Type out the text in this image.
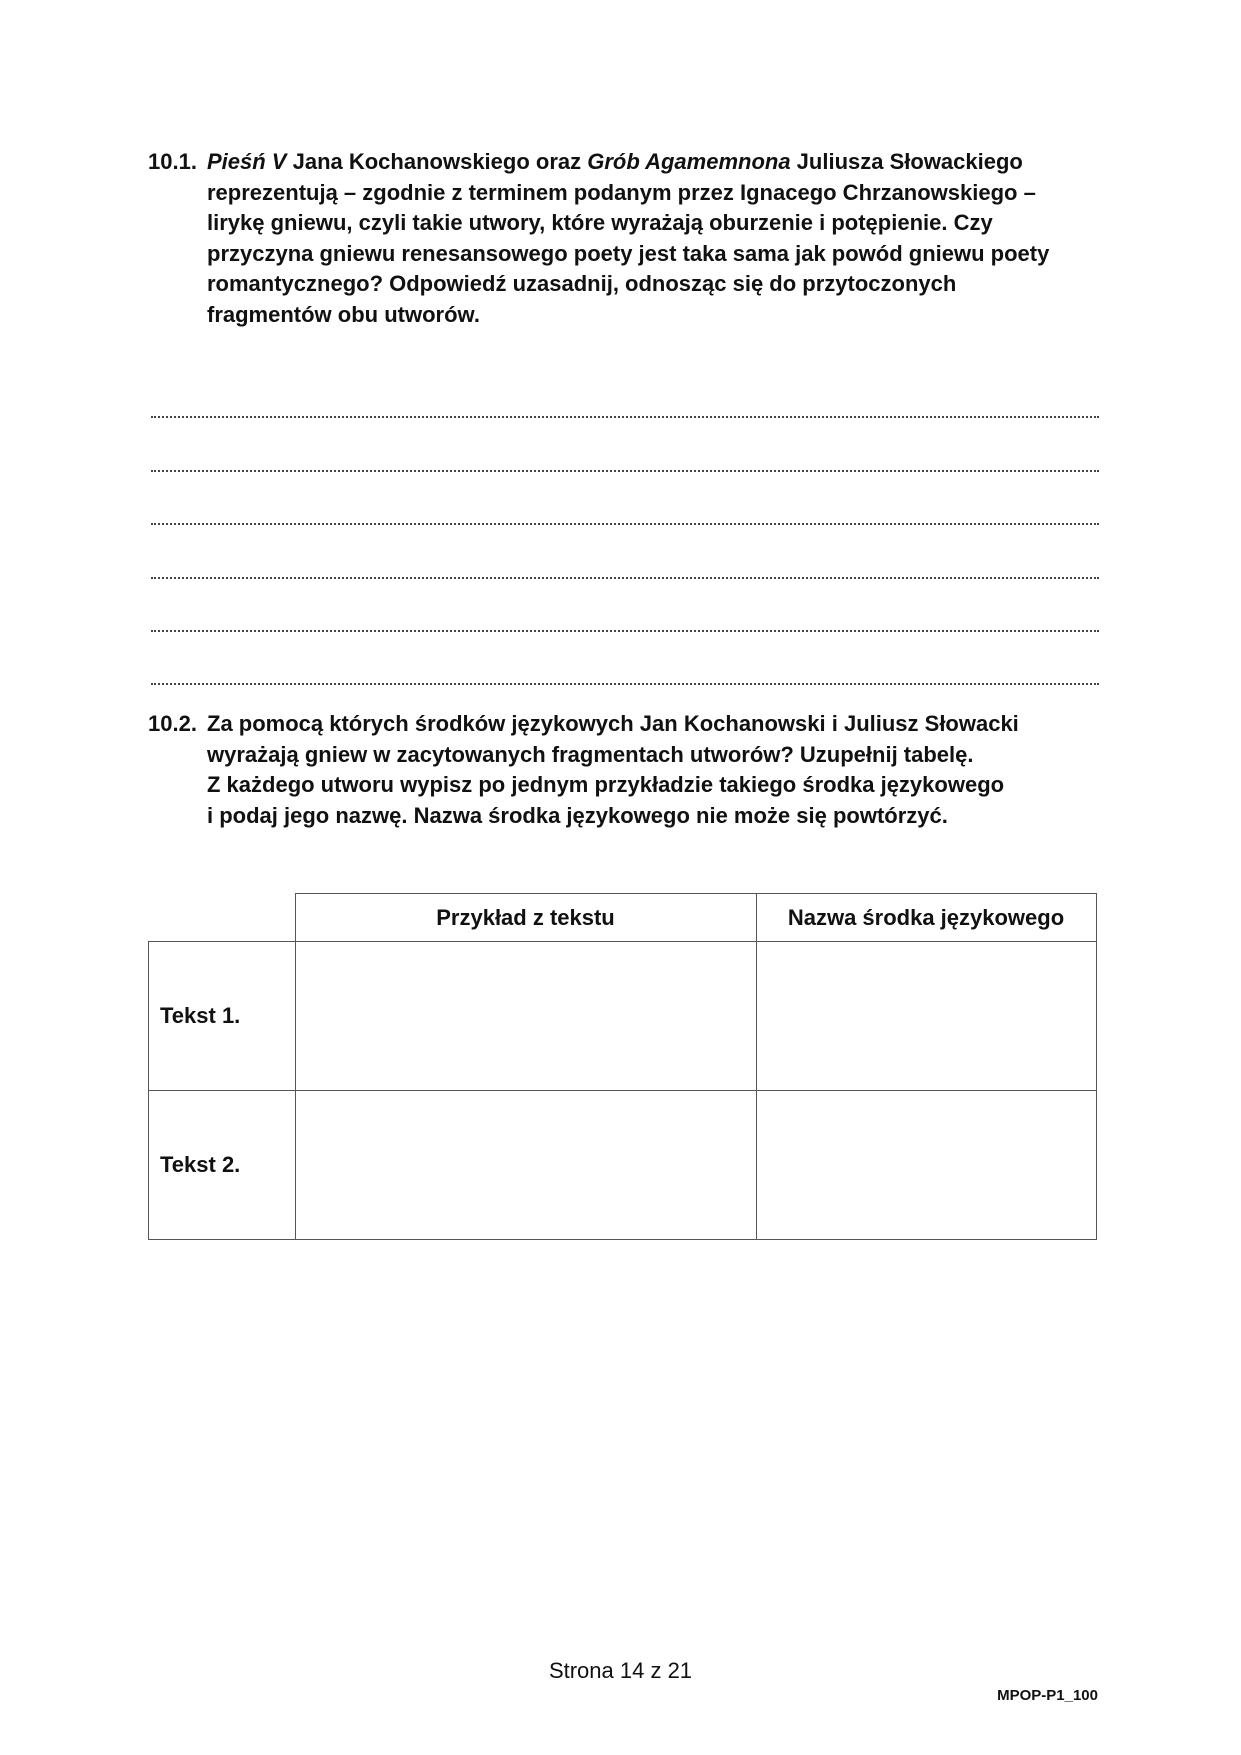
10.1. Pieśń V Jana Kochanowskiego oraz Grób Agamemnona Juliusza Słowackiego

reprezentują – zgodnie z terminem podanym przez Ignacego Chrzanowskiego –

lirykę gniewu, czyli takie utwory, które wyrażają oburzenie i potępienie. Czy

przyczyna gniewu renesansowego poety jest taka sama jak powód gniewu poety

romantycznego? Odpowiedź uzasadnij, odnosząc się do przytoczonych

fragmentów obu utworów.

10.2. Za pomocą których środków językowych Jan Kochanowski i Juliusz Słowacki

wyrażają gniew w zacytowanych fragmentach utworów? Uzupełnij tabelę.

Z każdego utworu wypisz po jednym przykładzie takiego środka językowego

i podaj jego nazwę. Nazwa środka językowego nie może się powtórzyć.

	Przykład z tekstu	Nazwa środka językowego
Tekst 1.		
Tekst 2.		
Strona 14 z 21
MPOP-P1_100
